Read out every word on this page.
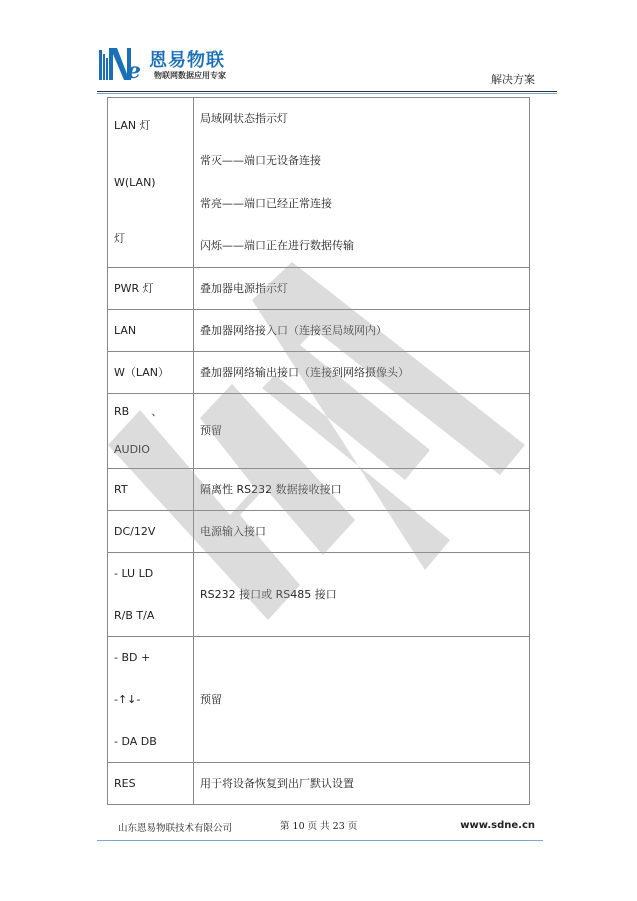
e 恩易物联
物联网数据应用专家	解决方案
LAN 灯
W(LAN)
灯	局域网状态指示灯
常灭——端口无设备连接
常亮——端口已经正常连接
闪烁——端口正在进行数据传输

PWR 灯	叠加器电源指示灯

LAN	叠加器网络接入口（连接至局域网内）

W（LAN）	叠加器网络输出接口（连接到网络摄像头）

RB　　、
AUDIO	预留

RT	隔离性 RS232 数据接收接口

DC/12V	电源输入接口

- LU LD
R/B T/A	RS232 接口或 RS485 接口

- BD +
-↑↓-
- DA DB	预留

RES	用于将设备恢复到出厂默认设置
山东恩易物联技术有限公司	第 10 页 共 23 页	www.sdne.cn
